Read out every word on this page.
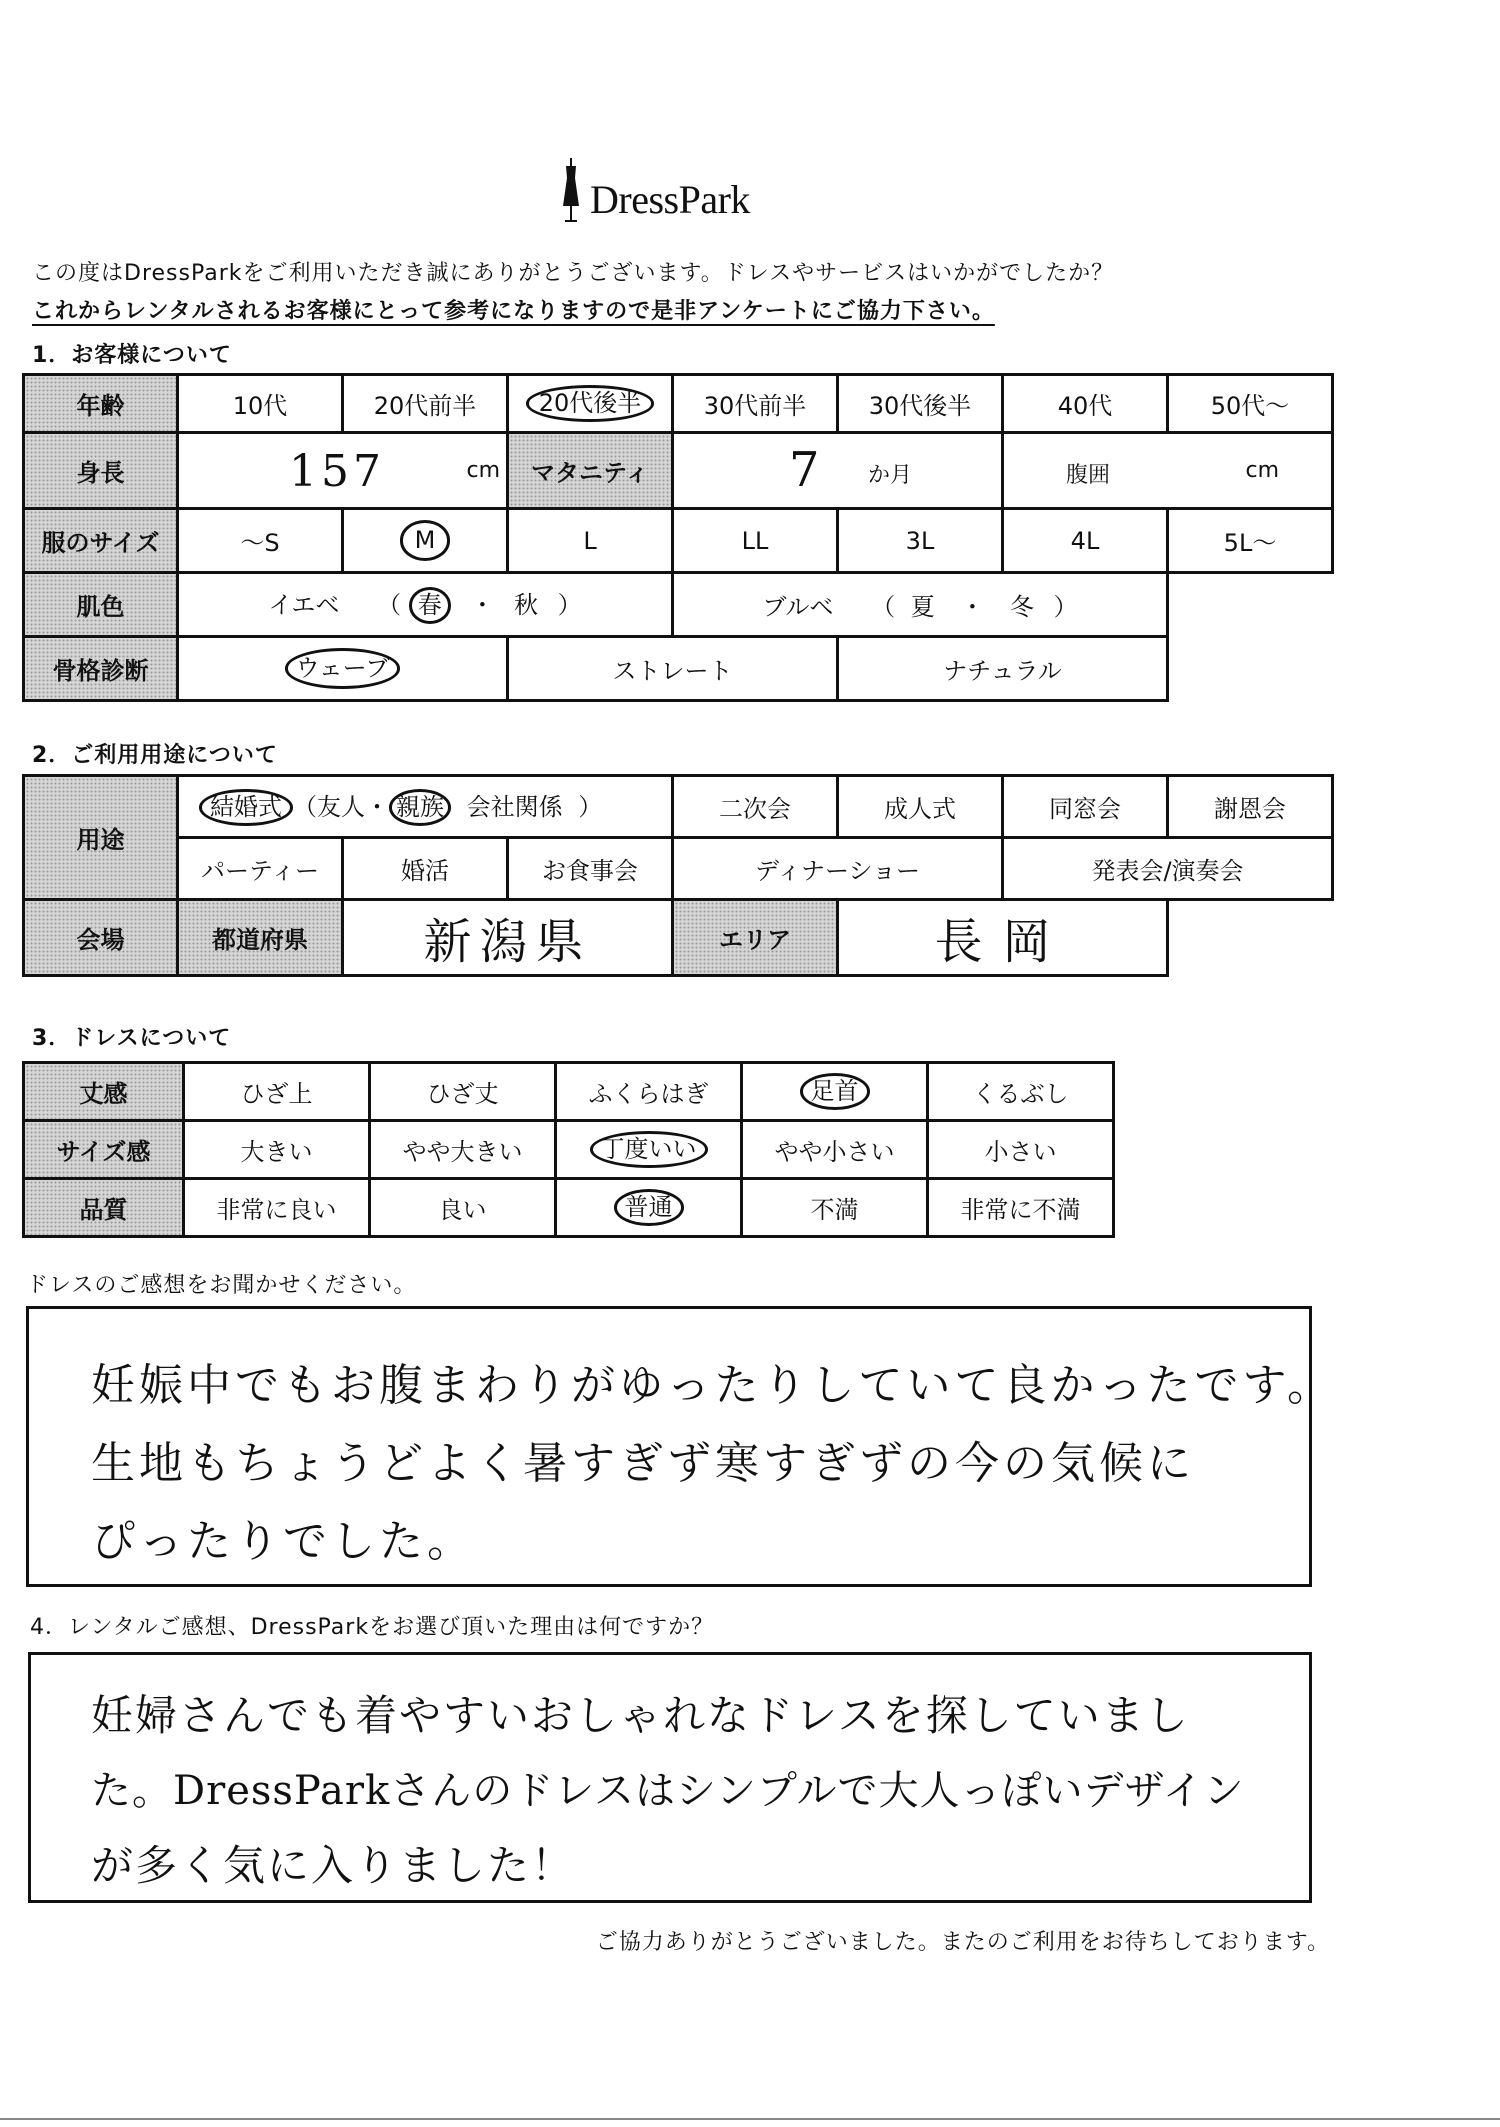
DressPark
この度はDressParkをご利用いただき誠にありがとうございます。ドレスやサービスはいかがでしたか？
これからレンタルされるお客様にとって参考になりますので是非アンケートにご協力下さい。
1．お客様について
年齢	10代	20代前半	20代後半	30代前半	30代後半	40代	50代〜
身長	157 cm		マタニティ	7 か月		腹囲 cm	

服のサイズ	〜S	M	L	LL	3L	4L	5L〜
肌色	イエベ （ 春 ・ 秋 ）			ブルベ （ 夏 ・ 冬 ）			
骨格診断	ウェーブ		ストレート		ナチュラル		
2．ご利用用途について
用途	結婚式 （友人・ 親族 会社関係 ）			二次会	成人式	同窓会	謝恩会
	パーティー	婚活	お食事会	ディナーショー		発表会/演奏会	
会場	都道府県	新潟県		エリア	長岡		
3．ドレスについて
丈感	ひざ上	ひざ丈	ふくらはぎ	足首	くるぶし
サイズ感	大きい	やや大きい	丁度いい	やや小さい	小さい
品質	非常に良い	良い	普通	不満	非常に不満
ドレスのご感想をお聞かせください。
妊娠中でもお腹まわりがゆったりしていて良かったです。
生地もちょうどよく暑すぎず寒すぎずの今の気候に
ぴったりでした。
4．レンタルご感想、DressParkをお選び頂いた理由は何ですか？
妊婦さんでも着やすいおしゃれなドレスを探していまし
た。DressParkさんのドレスはシンプルで大人っぽいデザイン
が多く気に入りました！
ご協力ありがとうございました。またのご利用をお待ちしております。
